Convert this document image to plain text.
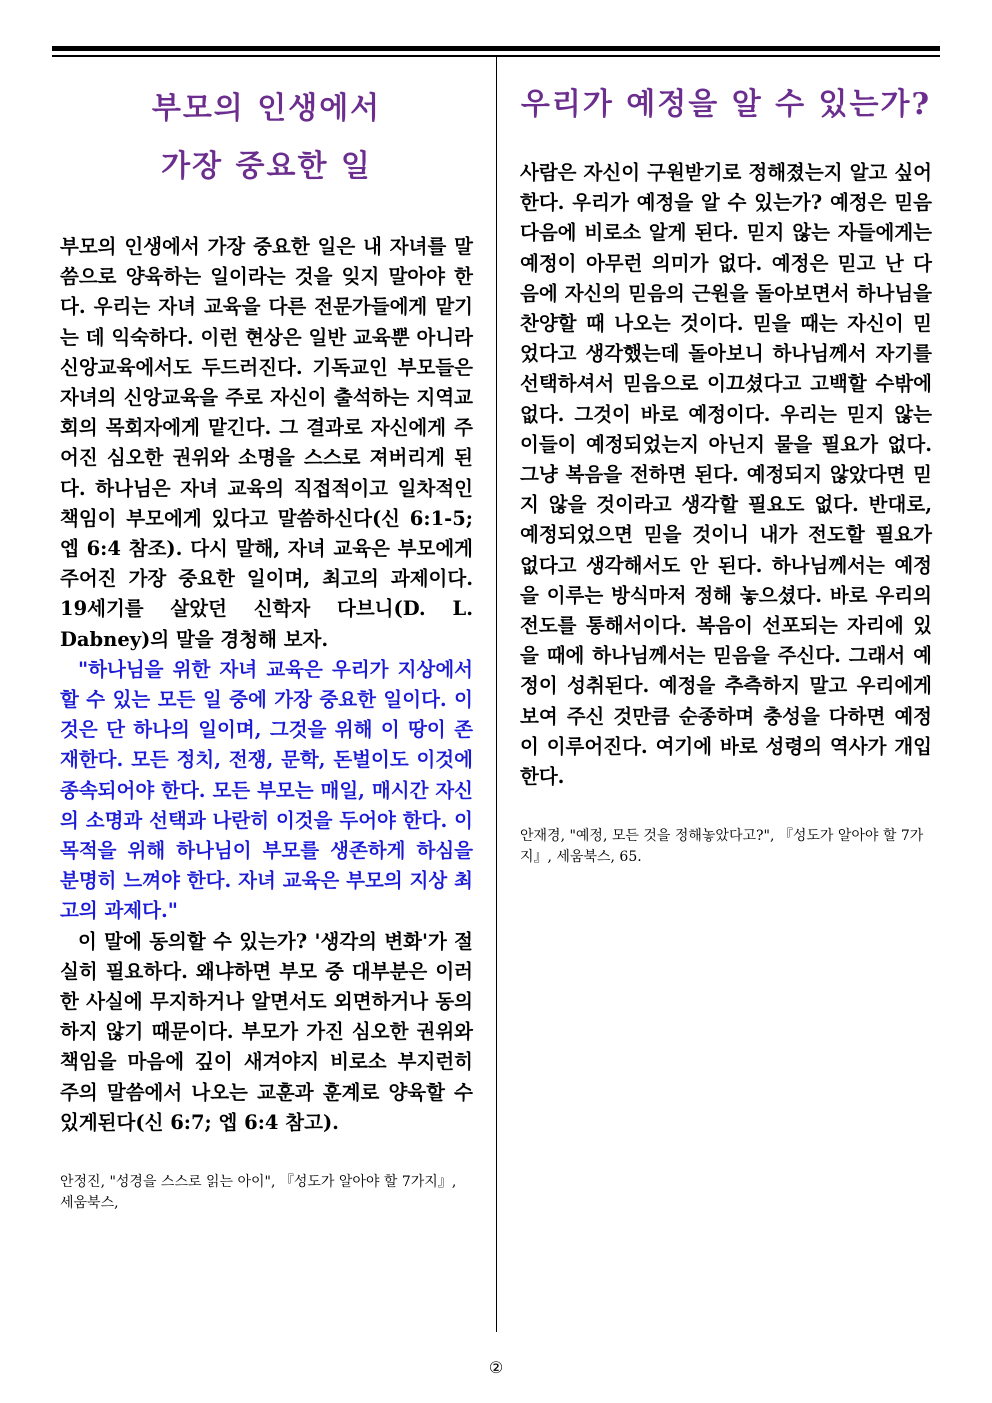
부모의 인생에서
가장 중요한 일

부모의 인생에서 가장 중요한 일은 내 자녀를 말씀으로 양육하는 일이라는 것을 잊지 말아야 한다. 우리는 자녀 교육을 다른 전문가들에게 맡기는 데 익숙하다. 이런 현상은 일반 교육뿐 아니라 신앙교육에서도 두드러진다. 기독교인 부모들은 자녀의 신앙교육을 주로 자신이 출석하는 지역교회의 목회자에게 맡긴다. 그 결과로 자신에게 주어진 심오한 권위와 소명을 스스로 져버리게 된다. 하나님은 자녀 교육의 직접적이고 일차적인 책임이 부모에게 있다고 말씀하신다(신 6:1-5; 엡 6:4 참조). 다시 말해, 자녀 교육은 부모에게 주어진 가장 중요한 일이며, 최고의 과제이다. 19세기를 살았던 신학자 다브니(D. L. Dabney)의 말을 경청해 보자.

"하나님을 위한 자녀 교육은 우리가 지상에서 할 수 있는 모든 일 중에 가장 중요한 일이다. 이것은 단 하나의 일이며, 그것을 위해 이 땅이 존재한다. 모든 정치, 전쟁, 문학, 돈벌이도 이것에 종속되어야 한다. 모든 부모는 매일, 매시간 자신의 소명과 선택과 나란히 이것을 두어야 한다. 이 목적을 위해 하나님이 부모를 생존하게 하심을 분명히 느껴야 한다. 자녀 교육은 부모의 지상 최고의 과제다."

이 말에 동의할 수 있는가? '생각의 변화'가 절실히 필요하다. 왜냐하면 부모 중 대부분은 이러한 사실에 무지하거나 알면서도 외면하거나 동의하지 않기 때문이다. 부모가 가진 심오한 권위와 책임을 마음에 깊이 새겨야지 비로소 부지런히 주의 말씀에서 나오는 교훈과 훈계로 양육할 수 있게된다(신 6:7; 엡 6:4 참고).

안정진, "성경을 스스로 읽는 아이", 『성도가 알아야 할 7가지』, 세움북스,

우리가 예정을 알 수 있는가?

사람은 자신이 구원받기로 정해졌는지 알고 싶어 한다. 우리가 예정을 알 수 있는가? 예정은 믿음 다음에 비로소 알게 된다. 믿지 않는 자들에게는 예정이 아무런 의미가 없다. 예정은 믿고 난 다음에 자신의 믿음의 근원을 돌아보면서 하나님을 찬양할 때 나오는 것이다. 믿을 때는 자신이 믿었다고 생각했는데 돌아보니 하나님께서 자기를 선택하셔서 믿음으로 이끄셨다고 고백할 수밖에 없다. 그것이 바로 예정이다. 우리는 믿지 않는 이들이 예정되었는지 아닌지 물을 필요가 없다. 그냥 복음을 전하면 된다. 예정되지 않았다면 믿지 않을 것이라고 생각할 필요도 없다. 반대로, 예정되었으면 믿을 것이니 내가 전도할 필요가 없다고 생각해서도 안 된다. 하나님께서는 예정을 이루는 방식마저 정해 놓으셨다. 바로 우리의 전도를 통해서이다. 복음이 선포되는 자리에 있을 때에 하나님께서는 믿음을 주신다. 그래서 예정이 성취된다. 예정을 추측하지 말고 우리에게 보여 주신 것만큼 순종하며 충성을 다하면 예정이 이루어진다. 여기에 바로 성령의 역사가 개입한다.

안재경, "예정, 모든 것을 정해놓았다고?", 『성도가 알아야 할 7가지』, 세움북스, 65.

②
